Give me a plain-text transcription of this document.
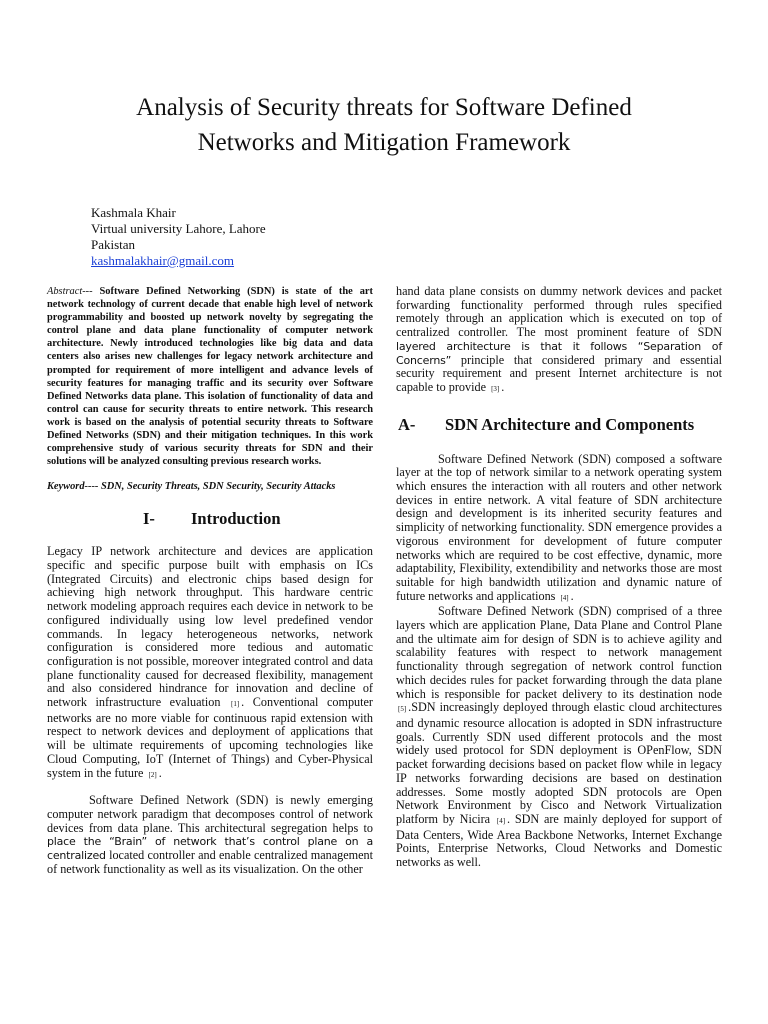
Analysis of Security threats for Software Defined
Networks and Mitigation Framework
Kashmala Khair
Virtual university Lahore, Lahore
Pakistan
kashmalakhair@gmail.com

Abstract--- Software Defined Networking (SDN) is state of the art network technology of current decade that enable high level of network programmability and boosted up network novelty by segregating the control plane and data plane functionality of computer network architecture. Newly introduced technologies like big data and data centers also arises new challenges for legacy network architecture and prompted for requirement of more intelligent and advance levels of security features for managing traffic and its security over Software Defined Networks data plane. This isolation of functionality of data and control can cause for security threats to entire network. This research work is based on the analysis of potential security threats to Software Defined Networks (SDN) and their mitigation techniques. In this work comprehensive study of various security threats for SDN and their solutions will be analyzed consulting previous research works.

Keyword---- SDN, Security Threats, SDN Security, Security Attacks

I-	Introduction

Legacy IP network architecture and devices are application specific and specific purpose built with emphasis on ICs (Integrated Circuits) and electronic chips based design for achieving high network throughput. This hardware centric network modeling approach requires each device in network to be configured individually using low level predefined vendor commands. In legacy heterogeneous networks, network configuration is considered more tedious and automatic configuration is not possible, moreover integrated control and data plane functionality caused for decreased flexibility, management and also considered hindrance for innovation and decline of network infrastructure evaluation [1] . Conventional computer networks are no more viable for continuous rapid extension with respect to network devices and deployment of applications that will be ultimate requirements of upcoming technologies like Cloud Computing, IoT (Internet of Things) and Cyber-Physical system in the future [2] .

Software Defined Network (SDN) is newly emerging computer network paradigm that decomposes control of network devices from data plane. This architectural segregation helps to place the “Brain” of network that’s control plane on a centralized located controller and enable centralized management of network functionality as well as its visualization. On the other

hand data plane consists on dummy network devices and packet forwarding functionality performed through rules specified remotely through an application which is executed on top of centralized controller. The most prominent feature of SDN layered architecture is that it follows “Separation of Concerns” principle that considered primary and essential security requirement and present Internet architecture is not capable to provide [3] .

A-	SDN Architecture and Components

Software Defined Network (SDN) composed a software layer at the top of network similar to a network operating system which ensures the interaction with all routers and other network devices in entire network. A vital feature of SDN architecture design and development is its inherited security features and simplicity of networking functionality. SDN emergence provides a vigorous environment for development of future computer networks which are required to be cost effective, dynamic, more adaptability, Flexibility, extendibility and networks those are most suitable for high bandwidth utilization and dynamic nature of future networks and applications [4] .

Software Defined Network (SDN) comprised of a three layers which are application Plane, Data Plane and Control Plane and the ultimate aim for design of SDN is to achieve agility and scalability features with respect to network management functionality through segregation of network control function which decides rules for packet forwarding through the data plane which is responsible for packet delivery to its destination node [5] .SDN increasingly deployed through elastic cloud architectures and dynamic resource allocation is adopted in SDN infrastructure goals. Currently SDN used different protocols and the most widely used protocol for SDN deployment is OPenFlow, SDN packet forwarding decisions based on packet flow while in legacy IP networks forwarding decisions are based on destination addresses. Some mostly adopted SDN protocols are Open Network Environment by Cisco and Network Virtualization platform by Nicira [4] . SDN are mainly deployed for support of Data Centers, Wide Area Backbone Networks, Internet Exchange Points, Enterprise Networks, Cloud Networks and Domestic networks as well.
